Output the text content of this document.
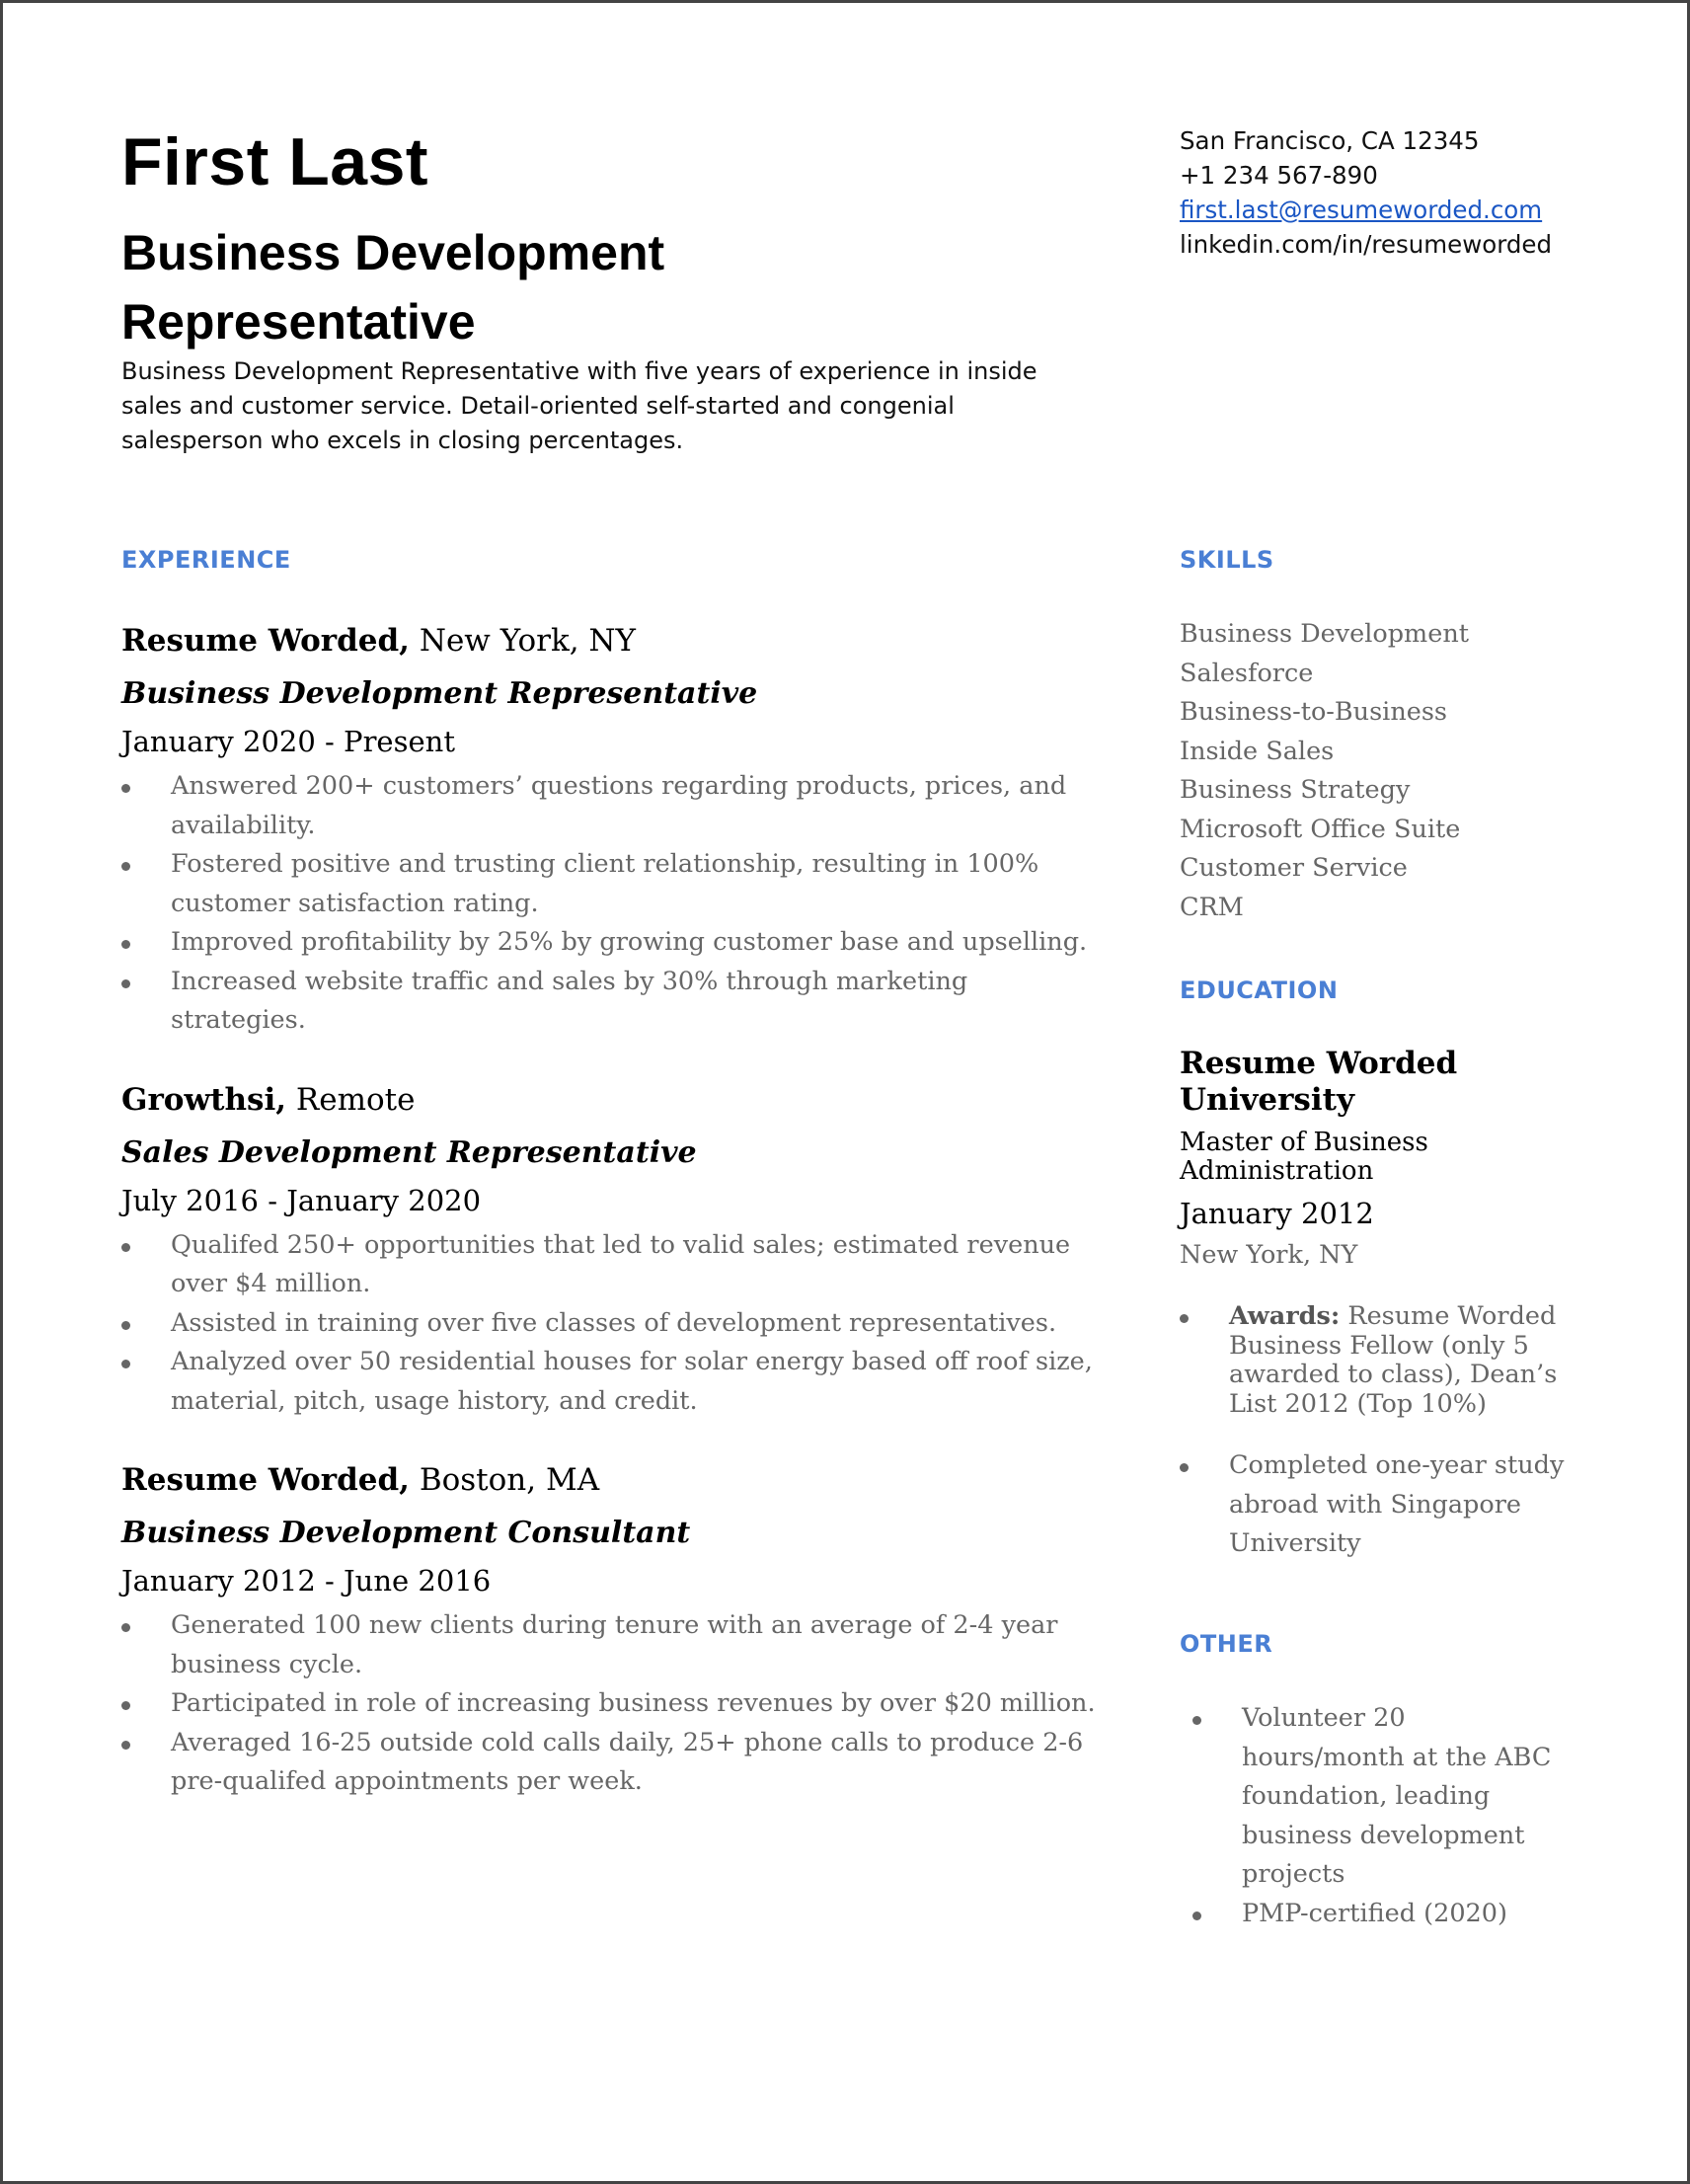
First Last
Business Development Representative
Business Development Representative with five years of experience in inside sales and customer service. Detail-oriented self-started and congenial salesperson who excels in closing percentages.
San Francisco, CA 12345
+1 234 567-890
first.last@resumeworded.com
linkedin.com/in/resumeworded
EXPERIENCE

Resume Worded, New York, NY

Business Development Representative

January 2020 - Present

Answered 200+ customers’ questions regarding products, prices, and availability.
Fostered positive and trusting client relationship, resulting in 100% customer satisfaction rating.
Improved profitability by 25% by growing customer base and upselling.
Increased website traffic and sales by 30% through marketing strategies.

Growthsi, Remote

Sales Development Representative

July 2016 - January 2020

Qualifed 250+ opportunities that led to valid sales; estimated revenue over $4 million.
Assisted in training over five classes of development representatives.
Analyzed over 50 residential houses for solar energy based off roof size, material, pitch, usage history, and credit.

Resume Worded, Boston, MA

Business Development Consultant

January 2012 - June 2016

Generated 100 new clients during tenure with an average of 2-4 year business cycle.
Participated in role of increasing business revenues by over $20 million.
Averaged 16-25 outside cold calls daily, 25+ phone calls to produce 2-6 pre-qualifed appointments per week.
SKILLS
Business Development
Salesforce
Business-to-Business
Inside Sales
Business Strategy
Microsoft Office Suite
Customer Service
CRM
EDUCATION

Resume Worded University

Master of Business Administration

January 2012

New York, NY

Awards: Resume Worded Business Fellow (only 5 awarded to class), Dean’s List 2012 (Top 10%)
Completed one-year study abroad with Singapore University
OTHER
Volunteer 20 hours/month at the ABC foundation, leading business development projects
PMP-certified (2020)
